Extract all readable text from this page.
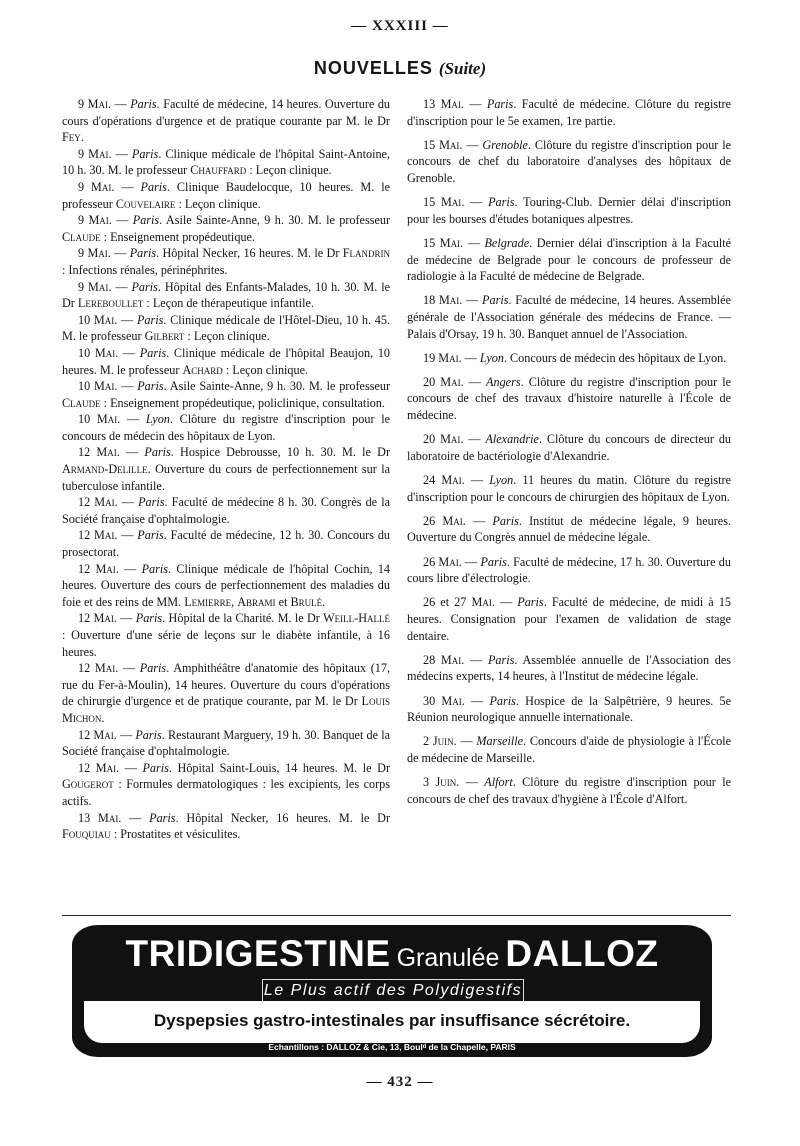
— XXXIII —
NOUVELLES (Suite)

9 Mai. — Paris. Faculté de médecine, 14 heures. Ouverture du cours d'opérations d'urgence et de pratique courante par M. le Dr Fey.

9 Mai. — Paris. Clinique médicale de l'hôpital Saint-Antoine, 10 h. 30. M. le professeur Chauffard : Leçon clinique.

9 Mai. — Paris. Clinique Baudelocque, 10 heures. M. le professeur Couvelaire : Leçon clinique.

9 Mai. — Paris. Asile Sainte-Anne, 9 h. 30. M. le professeur Claude : Enseignement propédeutique.

9 Mai. — Paris. Hôpital Necker, 16 heures. M. le Dr Flandrin : Infections rénales, périnéphrites.

9 Mai. — Paris. Hôpital des Enfants-Malades, 10 h. 30. M. le Dr Lereboullet : Leçon de thérapeutique infantile.

10 Mai. — Paris. Clinique médicale de l'Hôtel-Dieu, 10 h. 45. M. le professeur Gilbert : Leçon clinique.

10 Mai. — Paris. Clinique médicale de l'hôpital Beaujon, 10 heures. M. le professeur Achard : Leçon clinique.

10 Mai. — Paris. Asile Sainte-Anne, 9 h. 30. M. le professeur Claude : Enseignement propédeutique, policlinique, consultation.

10 Mai. — Lyon. Clôture du registre d'inscription pour le concours de médecin des hôpitaux de Lyon.

12 Mai. — Paris. Hospice Debrousse, 10 h. 30. M. le Dr Armand-Delille. Ouverture du cours de perfectionnement sur la tuberculose infantile.

12 Mai. — Paris. Faculté de médecine 8 h. 30. Congrès de la Société française d'ophtalmologie.

12 Mai. — Paris. Faculté de médecine, 12 h. 30. Concours du prosectorat.

12 Mai. — Paris. Clinique médicale de l'hôpital Cochin, 14 heures. Ouverture des cours de perfectionnement des maladies du foie et des reins de MM. Lemierre, Abrami et Brulé.

12 Mai. — Paris. Hôpital de la Charité. M. le Dr Weill-Hallé : Ouverture d'une série de leçons sur le diabète infantile, à 16 heures.

12 Mai. — Paris. Amphithéâtre d'anatomie des hôpitaux (17, rue du Fer-à-Moulin), 14 heures. Ouverture du cours d'opérations de chirurgie d'urgence et de pratique courante, par M. le Dr Louis Michon.

12 Mai. — Paris. Restaurant Marguery, 19 h. 30. Banquet de la Société française d'ophtalmologie.

12 Mai. — Paris. Hôpital Saint-Louis, 14 heures. M. le Dr Gougerot : Formules dermatologiques : les excipients, les corps actifs.

13 Mai. — Paris. Hôpital Necker, 16 heures. M. le Dr Fouquiau : Prostatites et vésiculites.

13 Mai. — Paris. Faculté de médecine. Clôture du registre d'inscription pour le 5e examen, 1re partie.

15 Mai. — Grenoble. Clôture du registre d'inscription pour le concours de chef du laboratoire d'analyses des hôpitaux de Grenoble.

15 Mai. — Paris. Touring-Club. Dernier délai d'inscription pour les bourses d'études botaniques alpestres.

15 Mai. — Belgrade. Dernier délai d'inscription à la Faculté de médecine de Belgrade pour le concours de professeur de radiologie à la Faculté de médecine de Belgrade.

18 Mai. — Paris. Faculté de médecine, 14 heures. Assemblée générale de l'Association générale des médecins de France. — Palais d'Orsay, 19 h. 30. Banquet annuel de l'Association.

19 Mai. — Lyon. Concours de médecin des hôpitaux de Lyon.

20 Mai. — Angers. Clôture du registre d'inscription pour le concours de chef des travaux d'histoire naturelle à l'École de médecine.

20 Mai. — Alexandrie. Clôture du concours de directeur du laboratoire de bactériologie d'Alexandrie.

24 Mai. — Lyon. 11 heures du matin. Clôture du registre d'inscription pour le concours de chirurgien des hôpitaux de Lyon.

26 Mai. — Paris. Institut de médecine légale, 9 heures. Ouverture du Congrès annuel de médecine légale.

26 Mai. — Paris. Faculté de médecine, 17 h. 30. Ouverture du cours libre d'électrologie.

26 et 27 Mai. — Paris. Faculté de médecine, de midi à 15 heures. Consignation pour l'examen de validation de stage dentaire.

28 Mai. — Paris. Assemblée annuelle de l'Association des médecins experts, 14 heures, à l'Institut de médecine légale.

30 Mai. — Paris. Hospice de la Salpêtrière, 9 heures. 5e Réunion neurologique annuelle internationale.

2 Juin. — Marseille. Concours d'aide de physiologie à l'École de médecine de Marseille.

3 Juin. — Alfort. Clôture du registre d'inscription pour le concours de chef des travaux d'hygiène à l'École d'Alfort.

TRIDIGESTINE Granulée DALLOZ
Le Plus actif des Polydigestifs
Dyspepsies gastro-intestinales par insuffisance sécrétoire.
Echantillons : DALLOZ & Cie, 13, Boulᵈ de la Chapelle, PARIS
— 432 —
